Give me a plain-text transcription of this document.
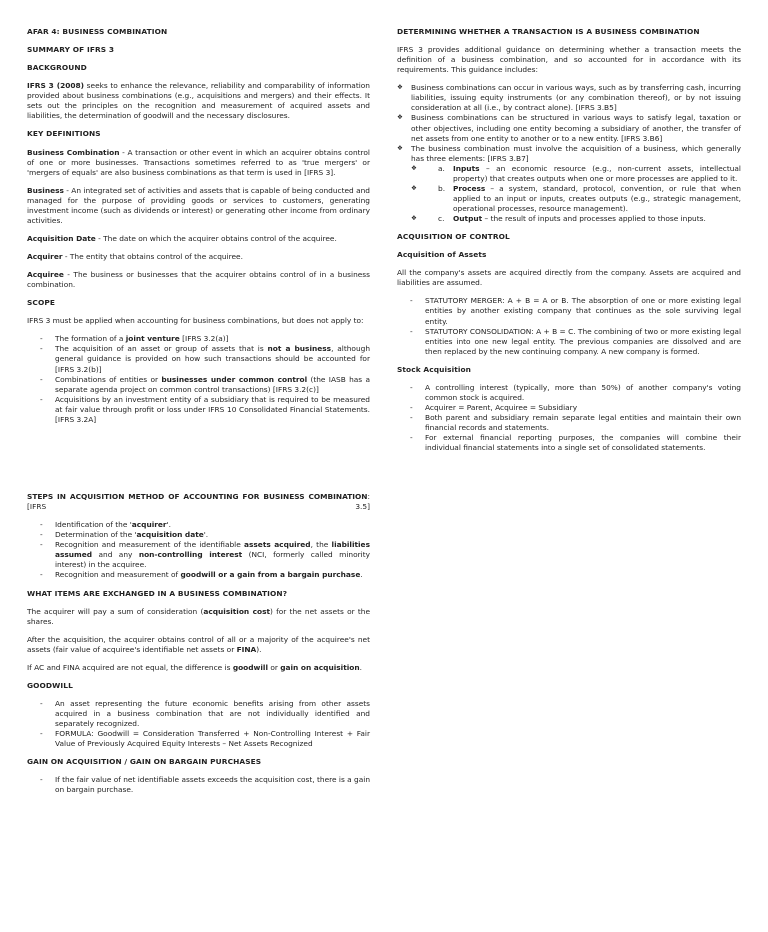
AFAR 4: BUSINESS COMBINATION
SUMMARY OF IFRS 3
BACKGROUND

IFRS 3 (2008) seeks to enhance the relevance, reliability and comparability of information provided about business combinations (e.g., acquisitions and mergers) and their effects. It sets out the principles on the recognition and measurement of acquired assets and liabilities, the determination of goodwill and the necessary disclosures.

KEY DEFINITIONS

Business Combination - A transaction or other event in which an acquirer obtains control of one or more businesses. Transactions sometimes referred to as 'true mergers' or 'mergers of equals' are also business combinations as that term is used in [IFRS 3].

Business - An integrated set of activities and assets that is capable of being conducted and managed for the purpose of providing goods or services to customers, generating investment income (such as dividends or interest) or generating other income from ordinary activities.

Acquisition Date - The date on which the acquirer obtains control of the acquiree.

Acquirer - The entity that obtains control of the acquiree.

Acquiree - The business or businesses that the acquirer obtains control of in a business combination.

SCOPE

IFRS 3 must be applied when accounting for business combinations, but does not apply to:

- The formation of a joint venture [IFRS 3.2(a)]
- The acquisition of an asset or group of assets that is not a business, although general guidance is provided on how such transactions should be accounted for [IFRS 3.2(b)]
- Combinations of entities or businesses under common control (the IASB has a separate agenda project on common control transactions) [IFRS 3.2(c)]
- Acquisitions by an investment entity of a subsidiary that is required to be measured at fair value through profit or loss under IFRS 10 Consolidated Financial Statements. [IFRS 3.2A]
STEPS IN ACQUISITION METHOD OF ACCOUNTING FOR BUSINESS COMBINATION: [IFRS 3.5]
- Identification of the 'acquirer'.
- Determination of the 'acquisition date'.
- Recognition and measurement of the identifiable assets acquired, the liabilities assumed and any non-controlling interest (NCI, formerly called minority interest) in the acquiree.
- Recognition and measurement of goodwill or a gain from a bargain purchase.
WHAT ITEMS ARE EXCHANGED IN A BUSINESS COMBINATION?

The acquirer will pay a sum of consideration (acquisition cost) for the net assets or the shares.

After the acquisition, the acquirer obtains control of all or a majority of the acquiree's net assets (fair value of acquiree's identifiable net assets or FINA).

If AC and FINA acquired are not equal, the difference is goodwill or gain on acquisition.

GOODWILL
- An asset representing the future economic benefits arising from other assets acquired in a business combination that are not individually identified and separately recognized.
- FORMULA: Goodwill = Consideration Transferred + Non-Controlling Interest + Fair Value of Previously Acquired Equity Interests – Net Assets Recognized
GAIN ON ACQUISITION / GAIN ON BARGAIN PURCHASES
- If the fair value of net identifiable assets exceeds the acquisition cost, there is a gain on bargain purchase.
DETERMINING WHETHER A TRANSACTION IS A BUSINESS COMBINATION

IFRS 3 provides additional guidance on determining whether a transaction meets the definition of a business combination, and so accounted for in accordance with its requirements. This guidance includes:

❖ Business combinations can occur in various ways, such as by transferring cash, incurring liabilities, issuing equity instruments (or any combination thereof), or by not issuing consideration at all (i.e., by contract alone). [IFRS 3.B5]
❖ Business combinations can be structured in various ways to satisfy legal, taxation or other objectives, including one entity becoming a subsidiary of another, the transfer of net assets from one entity to another or to a new entity. [IFRS 3.B6]
❖ The business combination must involve the acquisition of a business, which generally has three elements: [IFRS 3.B7]
❖ a. Inputs – an economic resource (e.g., non-current assets, intellectual property) that creates outputs when one or more processes are applied to it.
❖ b. Process – a system, standard, protocol, convention, or rule that when applied to an input or inputs, creates outputs (e.g., strategic management, operational processes, resource management).
❖ c. Output – the result of inputs and processes applied to those inputs.
ACQUISITION OF CONTROL
Acquisition of Assets

All the company's assets are acquired directly from the company. Assets are acquired and liabilities are assumed.

- STATUTORY MERGER: A + B = A or B. The absorption of one or more existing legal entities by another existing company that continues as the sole surviving legal entity.
- STATUTORY CONSOLIDATION: A + B = C. The combining of two or more existing legal entities into one new legal entity. The previous companies are dissolved and are then replaced by the new continuing company. A new company is formed.
Stock Acquisition
- A controlling interest (typically, more than 50%) of another company's voting common stock is acquired.
- Acquirer = Parent, Acquiree = Subsidiary
- Both parent and subsidiary remain separate legal entities and maintain their own financial records and statements.
- For external financial reporting purposes, the companies will combine their individual financial statements into a single set of consolidated statements.
